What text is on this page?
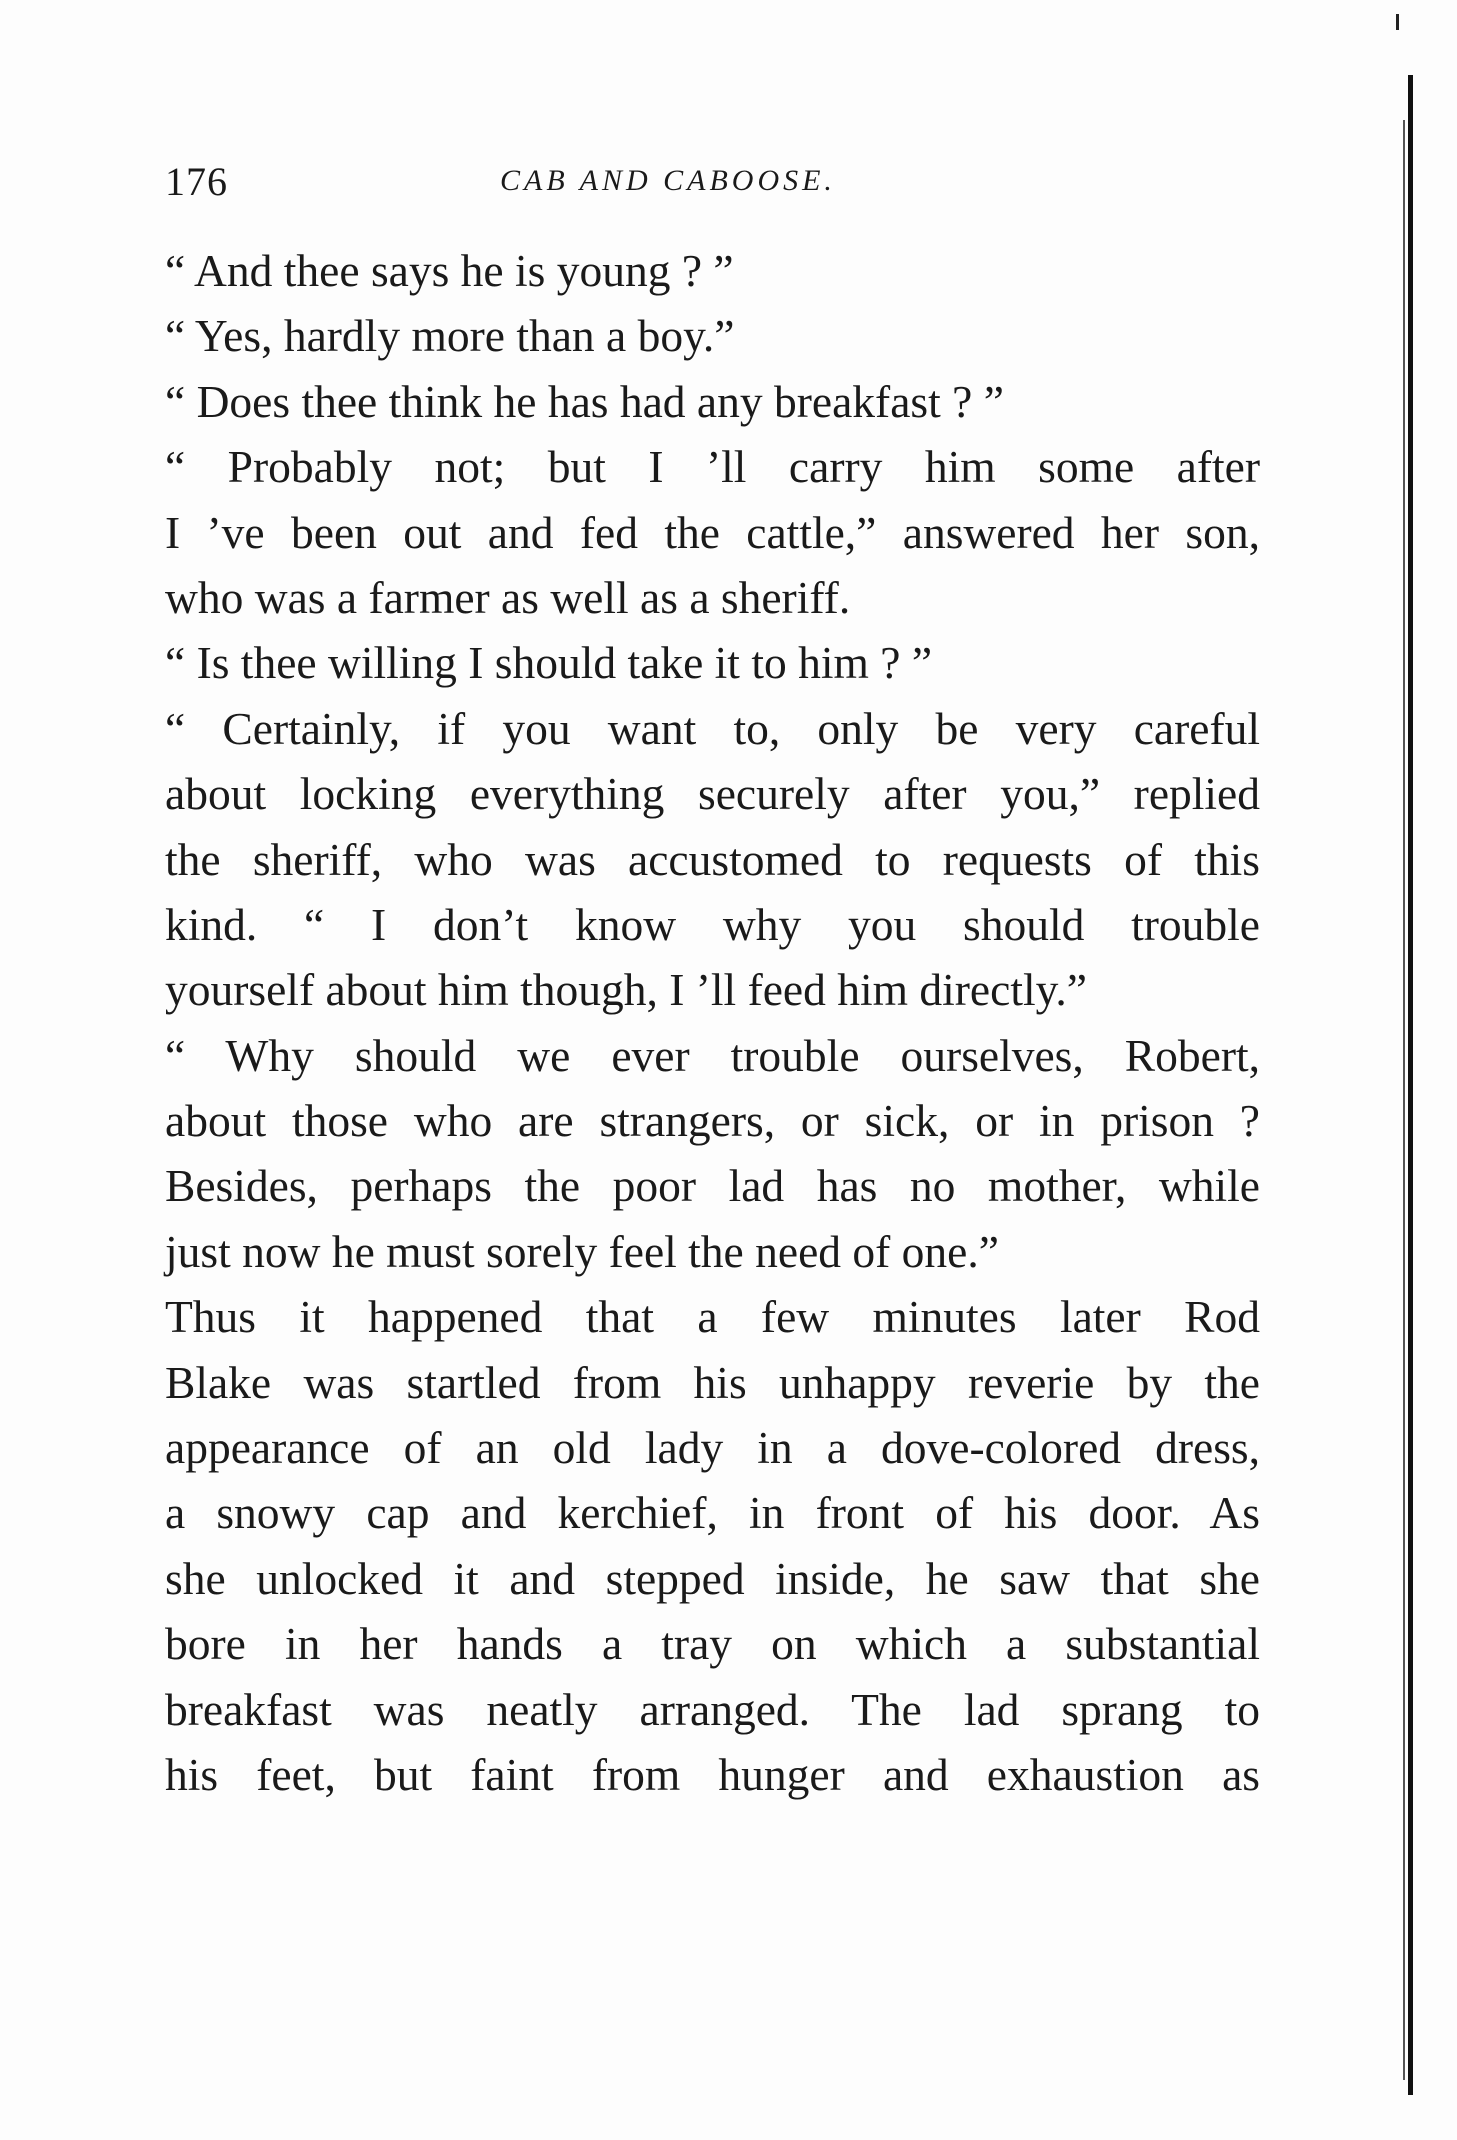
176	CAB AND CABOOSE.
“ And thee says he is young ? ”
“ Yes, hardly more than a boy.”
“ Does thee think he has had any breakfast ? ”
“ Probably not; but I ’ll carry him some after
I ’ve been out and fed the cattle,” answered her son,
who was a farmer as well as a sheriff.
“ Is thee willing I should take it to him ? ”
“ Certainly, if you want to, only be very careful
about locking everything securely after you,” replied
the sheriff, who was accustomed to requests of this
kind. “ I don’t know why you should trouble
yourself about him though, I ’ll feed him directly.”
“ Why should we ever trouble ourselves, Robert,
about those who are strangers, or sick, or in prison ?
Besides, perhaps the poor lad has no mother, while
just now he must sorely feel the need of one.”
Thus it happened that a few minutes later Rod
Blake was startled from his unhappy reverie by the
appearance of an old lady in a dove-colored dress,
a snowy cap and kerchief, in front of his door. As
she unlocked it and stepped inside, he saw that she
bore in her hands a tray on which a substantial
breakfast was neatly arranged. The lad sprang to
his feet, but faint from hunger and exhaustion as
